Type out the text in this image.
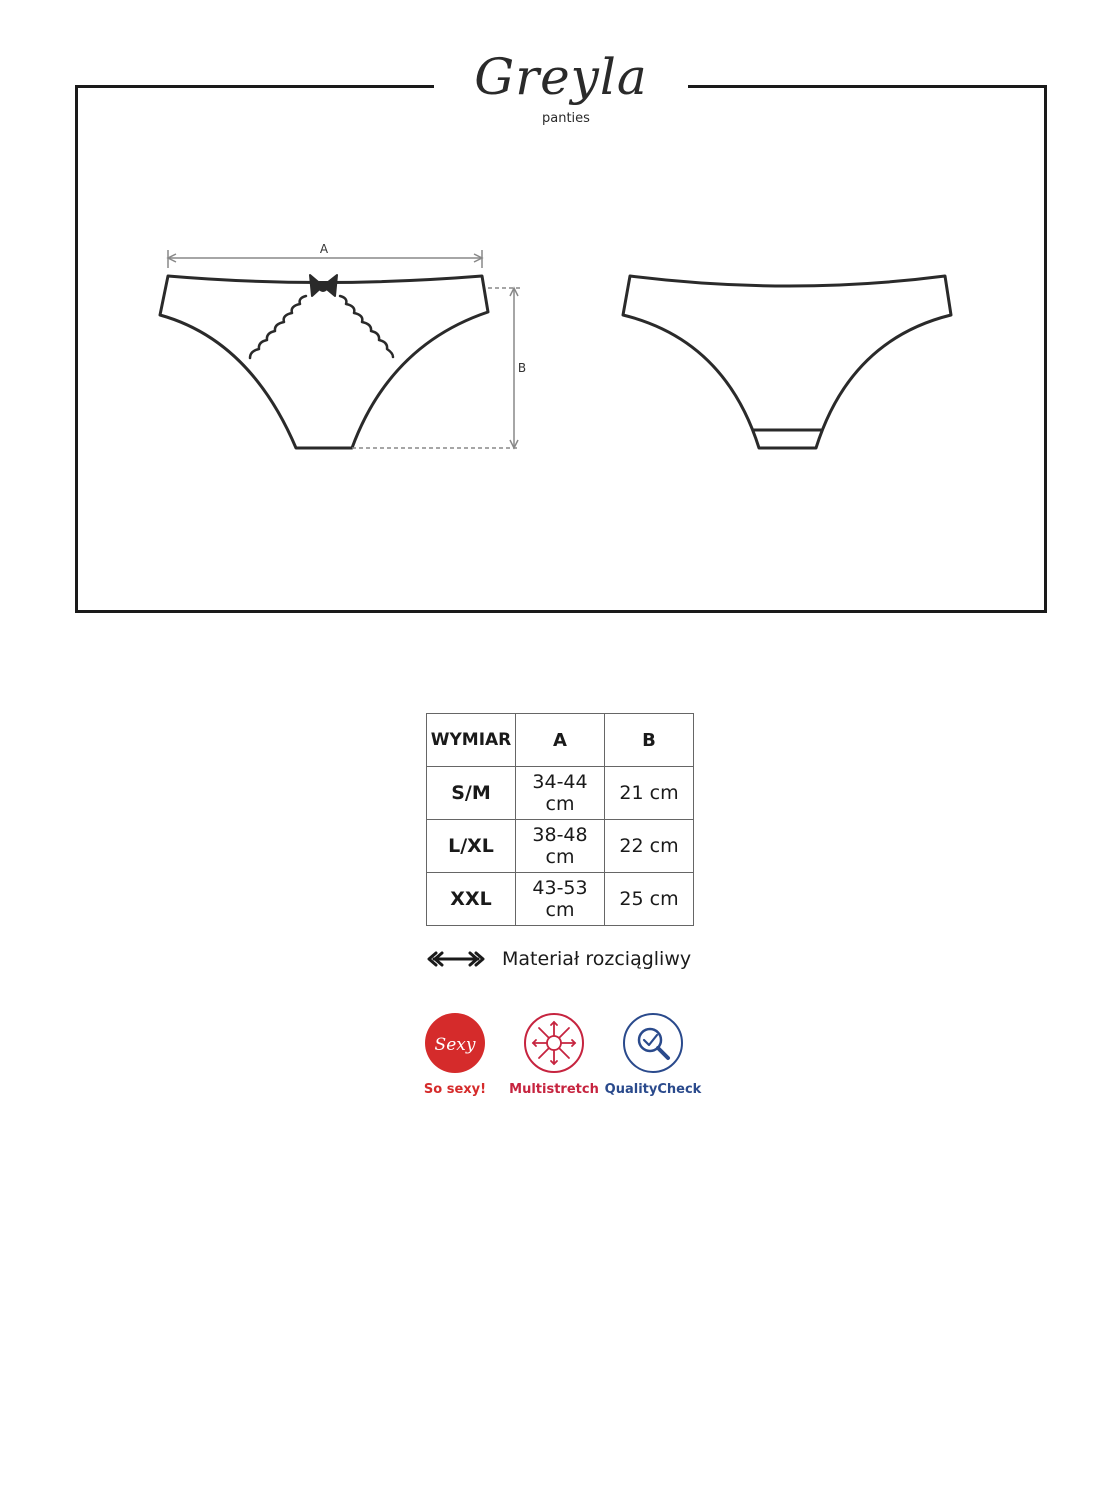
A
B
Greyla
panties
WYMIAR	A	B
S/M	34-44 cm	21 cm
L/XL	38-48 cm	22 cm
XXL	43-53 cm	25 cm
Materiał rozciągliwy
Sexy
So sexy!	Multistretch QualityCheck
